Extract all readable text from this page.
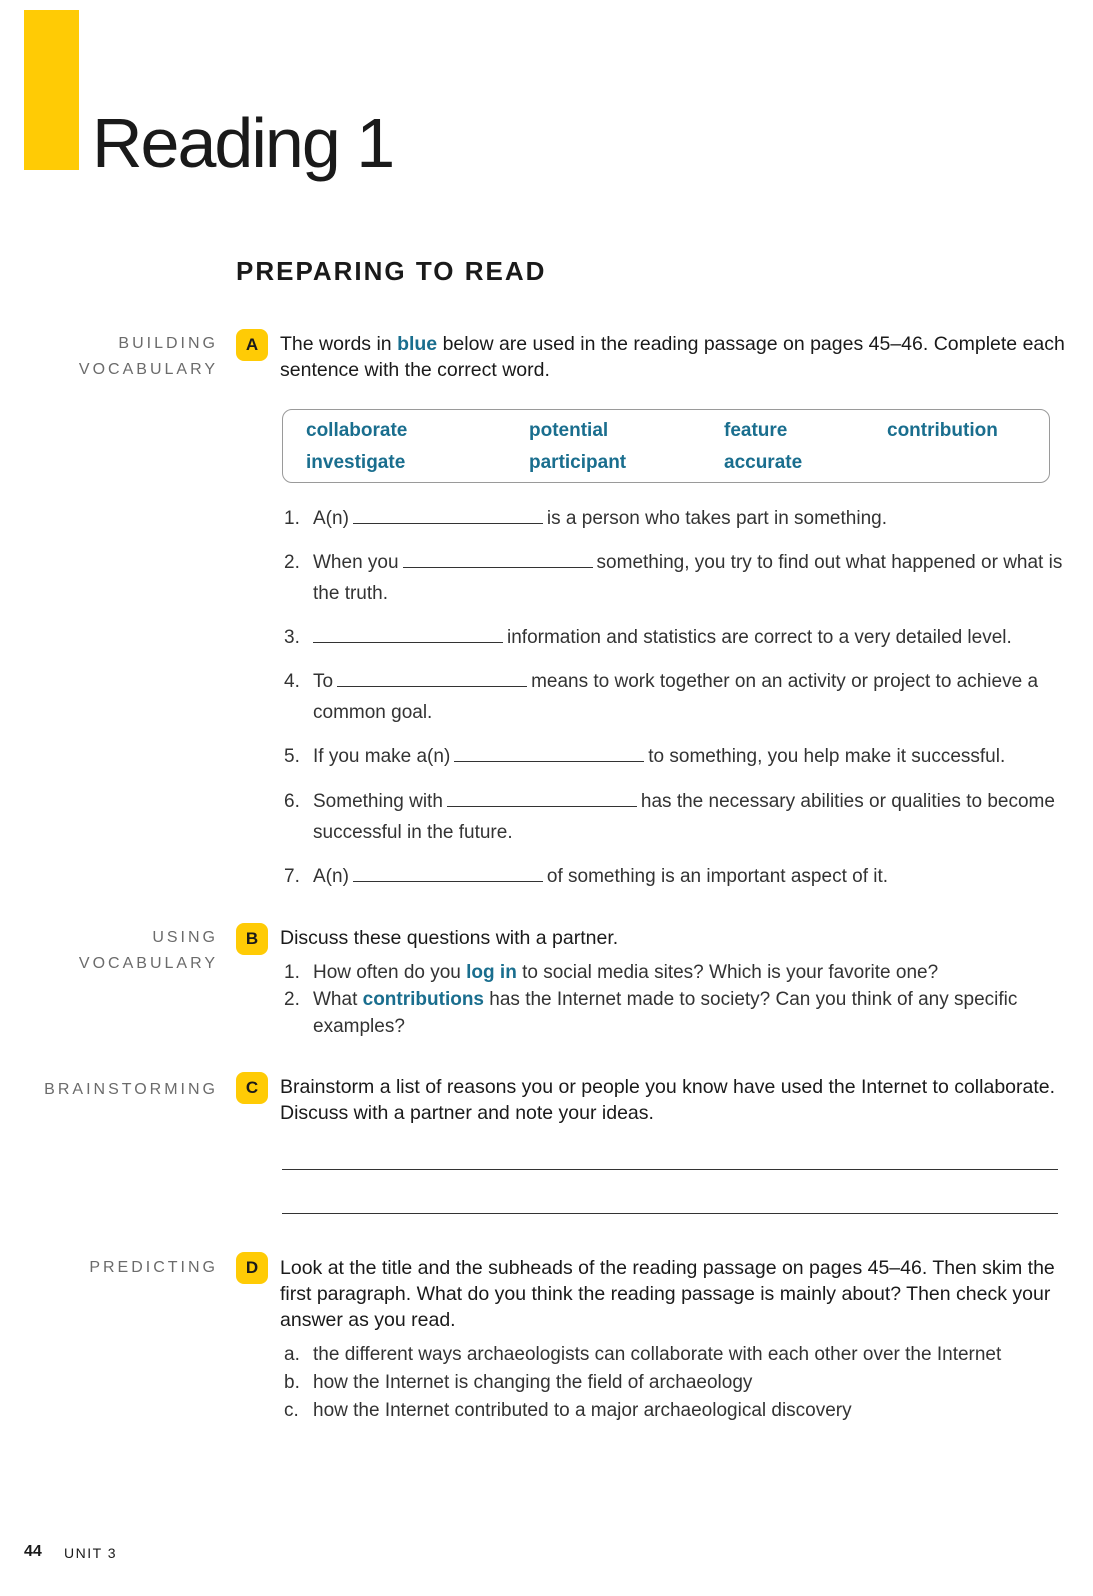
Reading 1
PREPARING TO READ
BUILDING
VOCABULARY
A	The words in blue below are used in the reading passage on pages 45–46. Complete each sentence with the correct word.
collaborate	potential	feature	contribution
investigate	participant	accurate
1. A(n)	is a person who takes part in something.
2. When you	something, you try to find out what happened or what is the truth.
3.	information and statistics are correct to a very detailed level.
4. To	means to work together on an activity or project to achieve a common goal.
5. If you make a(n)	to something, you help make it successful.
6. Something with	has the necessary abilities or qualities to become successful in the future.
7. A(n)	of something is an important aspect of it.
USING
VOCABULARY
B	Discuss these questions with a partner.
1. How often do you log in to social media sites? Which is your favorite one?
2. What contributions has the Internet made to society? Can you think of any specific examples?
BRAINSTORMING	C	Brainstorm a list of reasons you or people you know have used the Internet to collaborate. Discuss with a partner and note your ideas.
PREDICTING	D	Look at the title and the subheads of the reading passage on pages 45–46. Then skim the first paragraph. What do you think the reading passage is mainly about? Then check your answer as you read.
a. the different ways archaeologists can collaborate with each other over the Internet
b. how the Internet is changing the field of archaeology
c. how the Internet contributed to a major archaeological discovery
44 UNIT 3
